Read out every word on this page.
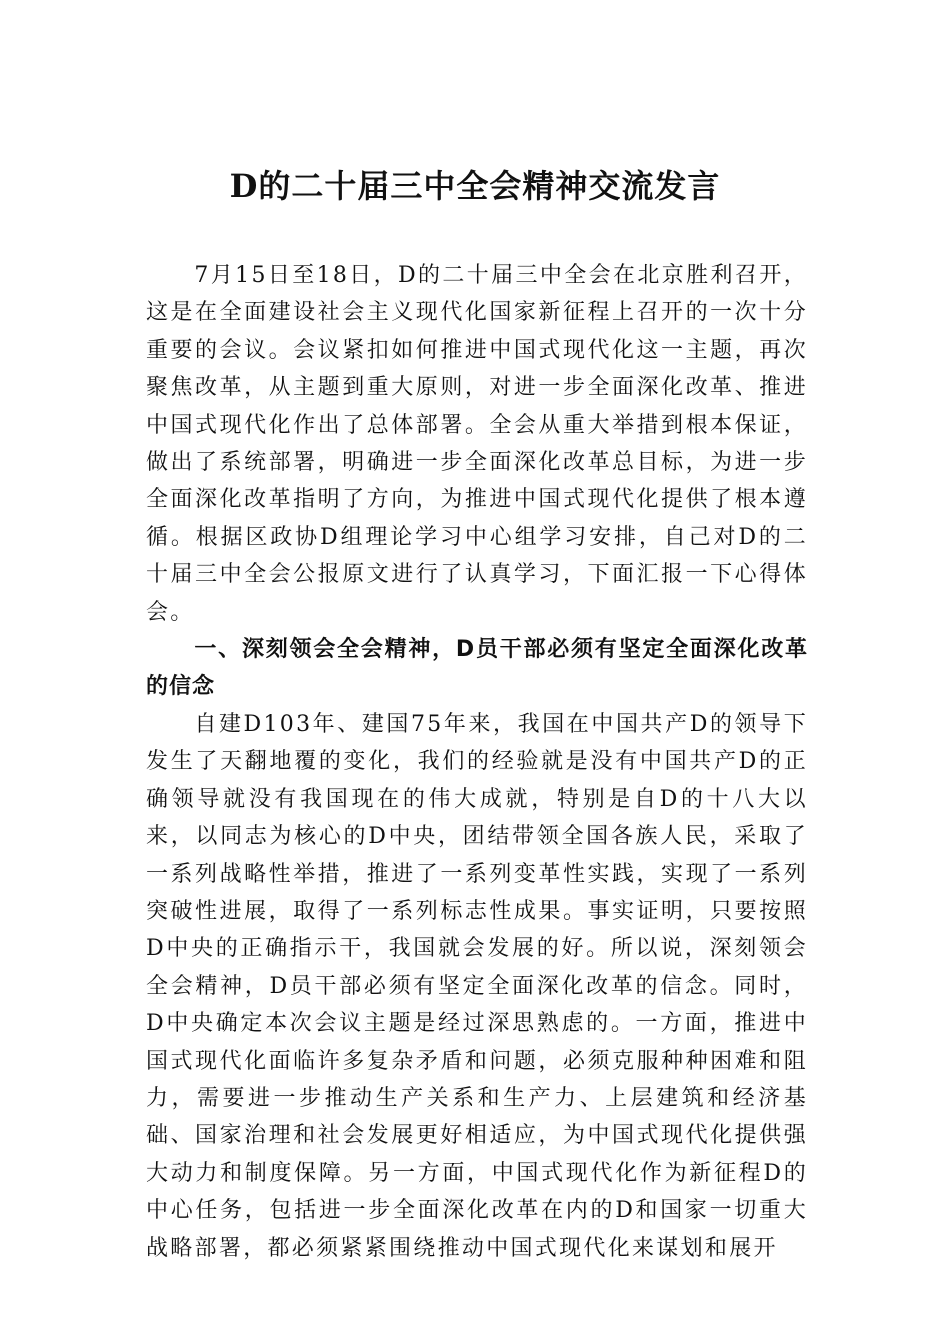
D的二十届三中全会精神交流发言

7月15日至18日，D的二十届三中全会在北京胜利召开，这是在全面建设社会主义现代化国家新征程上召开的一次十分重要的会议。会议紧扣如何推进中国式现代化这一主题，再次聚焦改革，从主题到重大原则，对进一步全面深化改革、推进中国式现代化作出了总体部署。全会从重大举措到根本保证，做出了系统部署，明确进一步全面深化改革总目标，为进一步全面深化改革指明了方向，为推进中国式现代化提供了根本遵循。根据区政协D组理论学习中心组学习安排，自己对D的二十届三中全会公报原文进行了认真学习，下面汇报一下心得体会。

一、深刻领会全会精神，D员干部必须有坚定全面深化改革的信念

自建D103年、建国75年来，我国在中国共产D的领导下发生了天翻地覆的变化，我们的经验就是没有中国共产D的正确领导就没有我国现在的伟大成就，特别是自D的十八大以来，以同志为核心的D中央，团结带领全国各族人民，采取了一系列战略性举措，推进了一系列变革性实践，实现了一系列突破性进展，取得了一系列标志性成果。事实证明，只要按照D中央的正确指示干，我国就会发展的好。所以说，深刻领会全会精神，D员干部必须有坚定全面深化改革的信念。同时，D中央确定本次会议主题是经过深思熟虑的。一方面，推进中国式现代化面临许多复杂矛盾和问题，必须克服种种困难和阻力，需要进一步推动生产关系和生产力、上层建筑和经济基础、国家治理和社会发展更好相适应，为中国式现代化提供强大动力和制度保障。另一方面，中国式现代化作为新征程D的中心任务，包括进一步全面深化改革在内的D和国家一切重大战略部署，都必须紧紧围绕推动中国式现代化来谋划和展开
